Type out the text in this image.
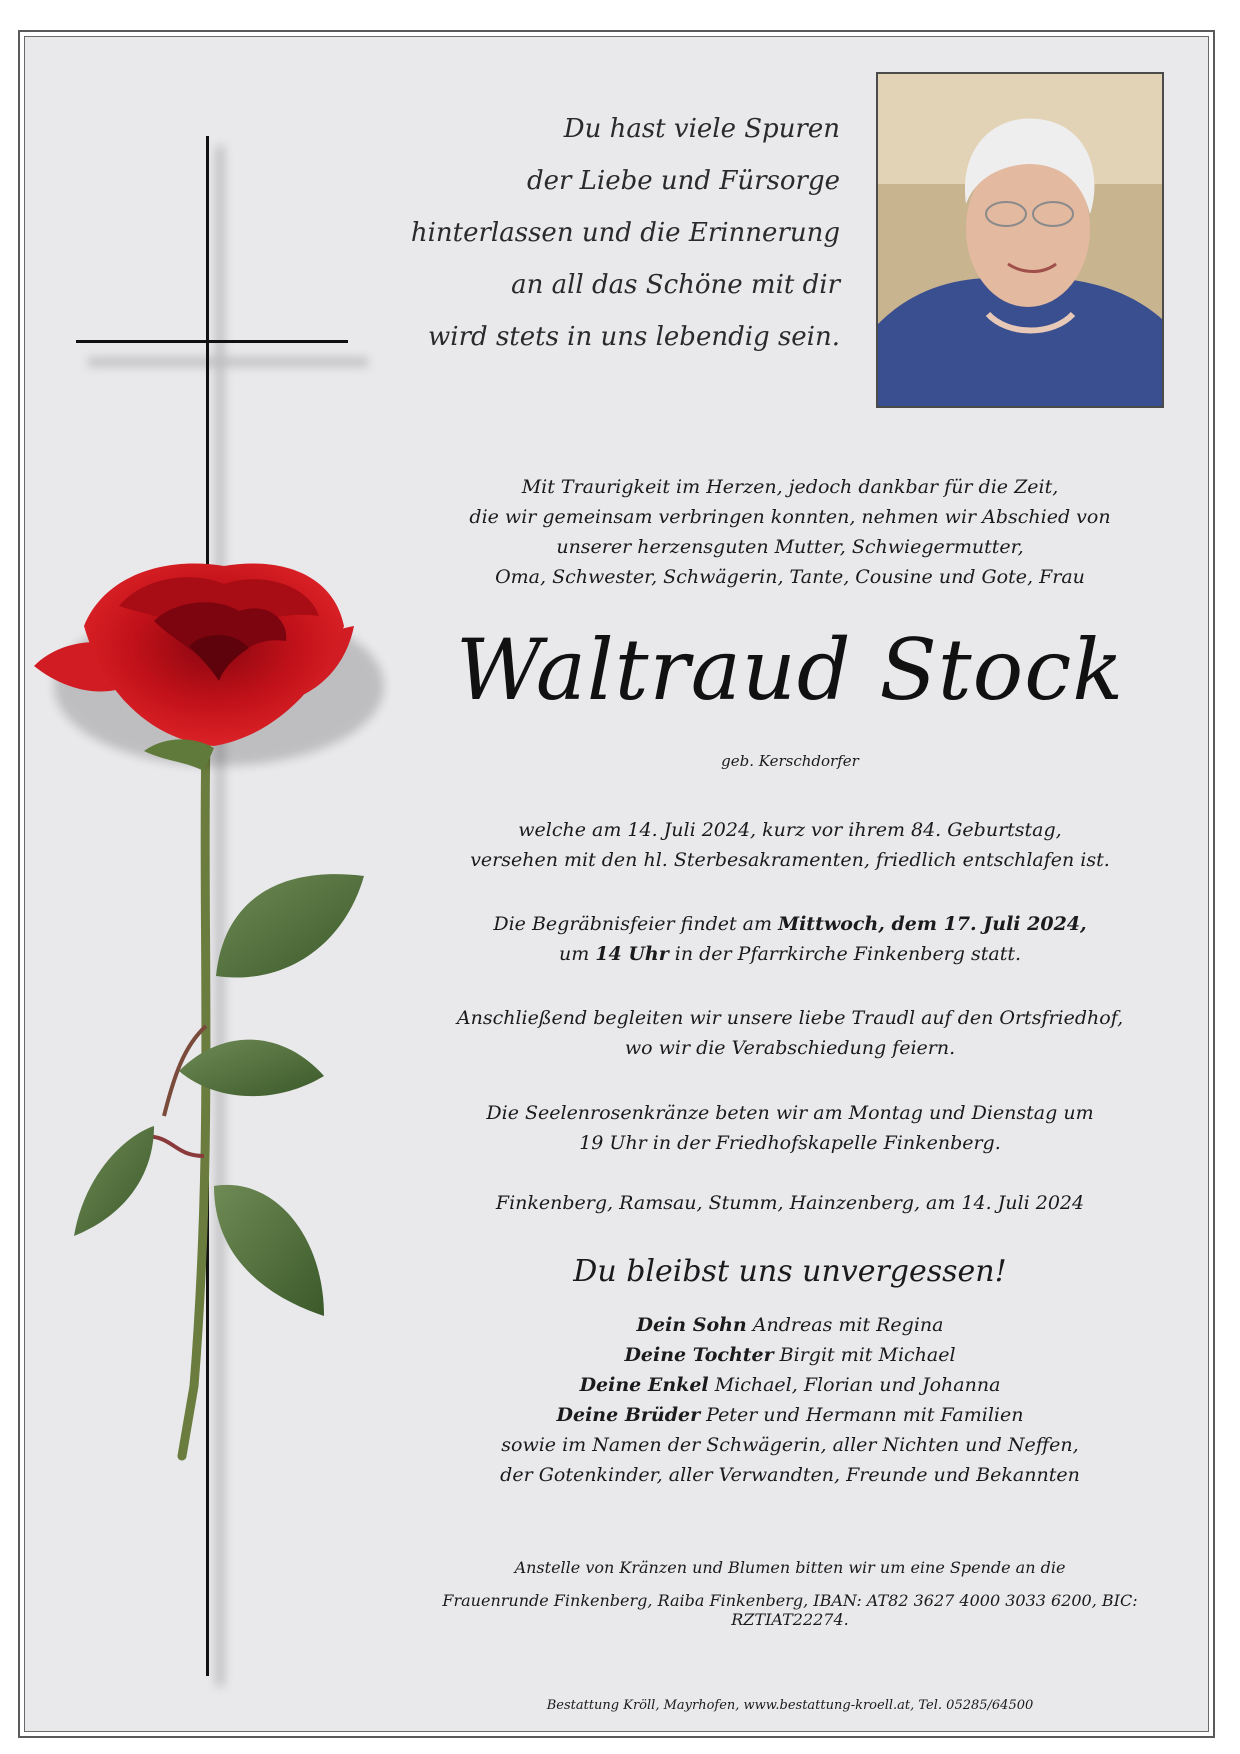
Du hast viele Spuren
der Liebe und Fürsorge
hinterlassen und die Erinnerung
an all das Schöne mit dir
wird stets in uns lebendig sein.
Mit Traurigkeit im Herzen, jedoch dankbar für die Zeit,
die wir gemeinsam verbringen konnten, nehmen wir Abschied von
unserer herzensguten Mutter, Schwiegermutter,
Oma, Schwester, Schwägerin, Tante, Cousine und Gote, Frau
Waltraud Stock
geb. Kerschdorfer
welche am 14. Juli 2024, kurz vor ihrem 84. Geburtstag,
versehen mit den hl. Sterbesakramenten, friedlich entschlafen ist.
Die Begräbnisfeier findet am Mittwoch, dem 17. Juli 2024,
um 14 Uhr in der Pfarrkirche Finkenberg statt.
Anschließend begleiten wir unsere liebe Traudl auf den Ortsfriedhof,
wo wir die Verabschiedung feiern.
Die Seelenrosenkränze beten wir am Montag und Dienstag um
19 Uhr in der Friedhofskapelle Finkenberg.
Finkenberg, Ramsau, Stumm, Hainzenberg, am 14. Juli 2024
Du bleibst uns unvergessen!
Dein Sohn Andreas mit Regina
Deine Tochter Birgit mit Michael
Deine Enkel Michael, Florian und Johanna
Deine Brüder Peter und Hermann mit Familien
sowie im Namen der Schwägerin, aller Nichten und Neffen,
der Gotenkinder, aller Verwandten, Freunde und Bekannten
Anstelle von Kränzen und Blumen bitten wir um eine Spende an die
Frauenrunde Finkenberg, Raiba Finkenberg, IBAN: AT82 3627 4000 3033 6200, BIC: RZTIAT22274.
Bestattung Kröll, Mayrhofen, www.bestattung-kroell.at, Tel. 05285/64500
